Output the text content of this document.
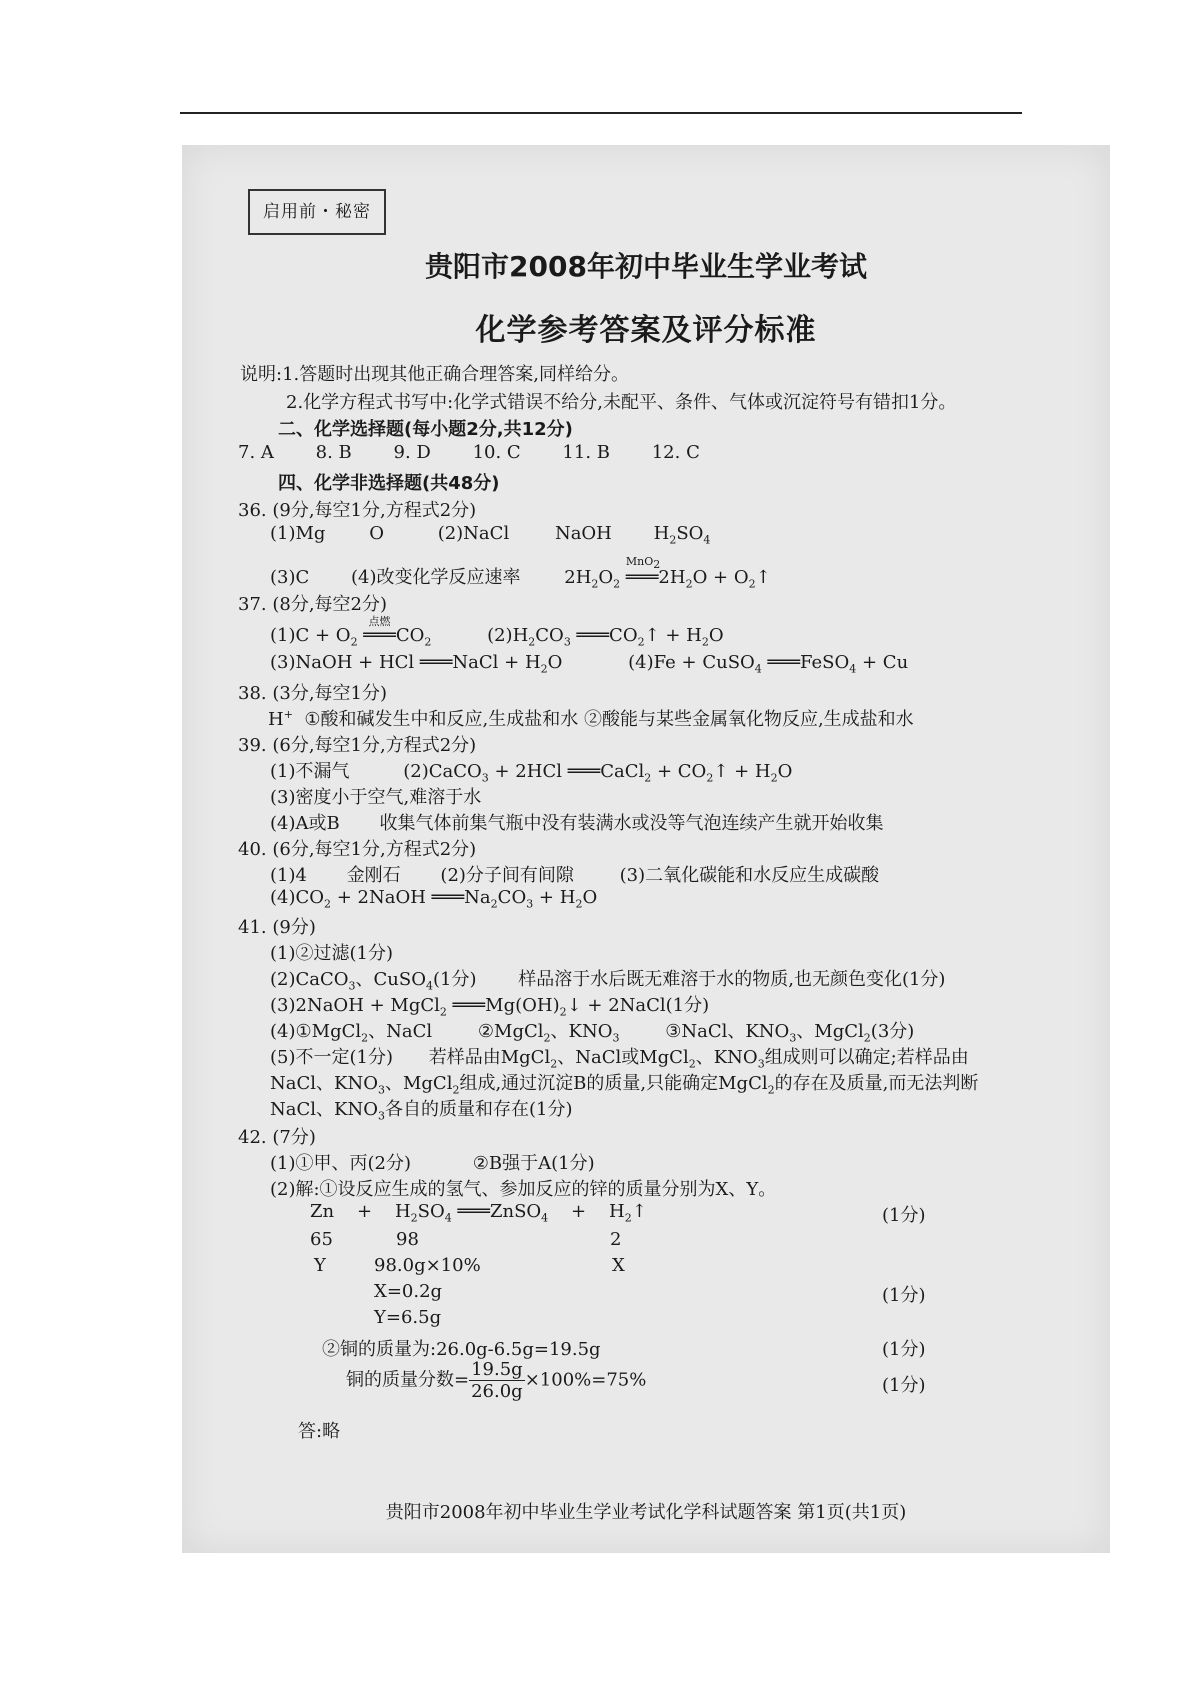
启用前・秘密
贵阳市2008年初中毕业生学业考试
化学参考答案及评分标准
说明:1.答题时出现其他正确合理答案,同样给分。
2.化学方程式书写中:化学式错误不给分,未配平、条件、气体或沉淀符号有错扣1分。
二、化学选择题(每小题2分,共12分)
7. A 8. B 9. D 10. C 11. B 12. C
四、化学非选择题(共48分)
36. (9分,每空1分,方程式2分)
(1)Mg O	(2)NaCl	NaOH $H_2SO_4$
(3)C (4)改变化学反应速率 $2H_2O_2$
MnO$_2$
$═══2H_2O$ + $O_2↑$
37. (8分,每空2分)
$(1)C + O_2$
点燃
$═══CO_2$	$(2)H_2CO_3$ $═══CO_2↑ + H_2O$
(3)NaOH + HCl ═══NaCl + $H_2O$	(4)Fe + CuSO$_4$ ═══FeSO$_4$ + Cu
38. (3分,每空1分)
H+ ①酸和碱发生中和反应,生成盐和水 ②酸能与某些金属氧化物反应,生成盐和水
39. (6分,每空1分,方程式2分)
(1)不漏气	(2)CaCO$_3$ + 2HCl ═══CaCl$_2$ + $CO_2↑ + H_2O$
(3)密度小于空气,难溶于水
(4)A或B 收集气体前集气瓶中没有装满水或没等气泡连续产生就开始收集
40. (6分,每空1分,方程式2分)
(1)4 金刚石 (2)分子间有间隙	(3)二氧化碳能和水反应生成碳酸
$(4)CO_2$ + 2NaOH $═══Na_2CO_3 + H_2O$
41. (9分)
(1)②过滤(1分)
(2)CaCO$_3$、CuSO$_4$(1分) 样品溶于水后既无难溶于水的物质,也无颜色变化(1分)
(3)2NaOH + MgCl$_2$ $═══Mg(OH)_2↓$ + 2NaCl(1分)
(4)①MgCl$_2$、NaCl	②MgCl$_2$、$KNO_3$	③NaCl、$KNO_3$、MgCl$_2$(3分)
(5)不一定(1分) 若样品由MgCl$_2$、NaCl或MgCl$_2$、$KNO_3$组成则可以确定;若样品由
NaCl、$KNO_3$、MgCl$_2$组成,通过沉淀B的质量,只能确定MgCl$_2$的存在及质量,而无法判断
NaCl、$KNO_3$各自的质量和存在(1分)
42. (7分)
(1)①甲、丙(2分)	②B强于A(1分)
(2)解:①设反应生成的氢气、参加反应的锌的质量分别为X、Y。
Zn    +    $H_2SO_4$ ═══ZnSO$_4$    +    $H_2↑$	(1分)
65	98	2
Y	98.0g×10%	X
X=0.2g	(1分)
Y=6.5g
②铜的质量为:26.0g-6.5g=19.5g	(1分)
铜的质量分数= $\frac{19.5g}{26.0g} \times 100\%=75\%$	(1分)
答:略
贵阳市2008年初中毕业生学业考试化学科试题答案 第1页(共1页)
